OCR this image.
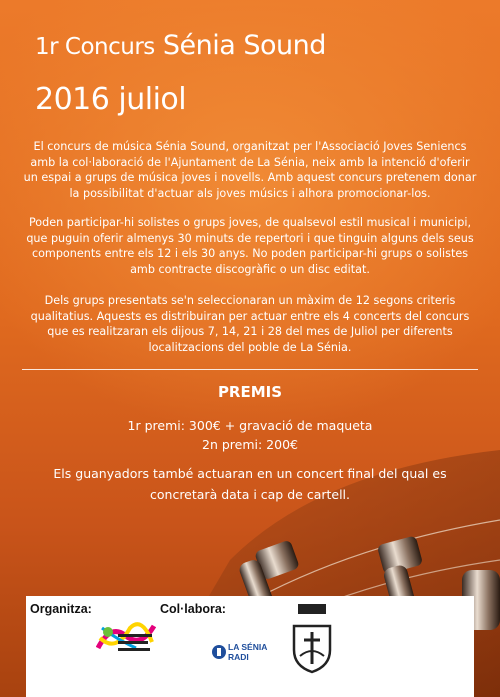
1r Concurs Sénia Sound
2016 juliol

El concurs de música Sénia Sound, organitzat per l'Associació Joves Seniencs amb la col·laboració de l'Ajuntament de La Sénia, neix amb la intenció d'oferir un espai a grups de música joves i novells. Amb aquest concurs pretenem donar la possibilitat d'actuar als joves músics i alhora promocionar-los.

Poden participar-hi solistes o grups joves, de qualsevol estil musical i municipi, que puguin oferir almenys 30 minuts de repertori i que tinguin alguns dels seus components entre els 12 i els 30 anys. No poden participar-hi grups o solistes amb contracte discogràfic o un disc editat.

Dels grups presentats se'n seleccionaran un màxim de 12 segons criteris qualitatius. Aquests es distribuiran per actuar entre els 4 concerts del concurs que es realitzaran els dijous 7, 14, 21 i 28 del mes de Juliol per diferents localitzacions del poble de La Sénia.

PREMIS
1r premi: 300€ + gravació de maqueta
2n premi: 200€

Els guanyadors també actuaran en un concert final del qual es concretarà data i cap de cartell.

Organitza:	Col·labora:
LA SÉNIA
RADI
